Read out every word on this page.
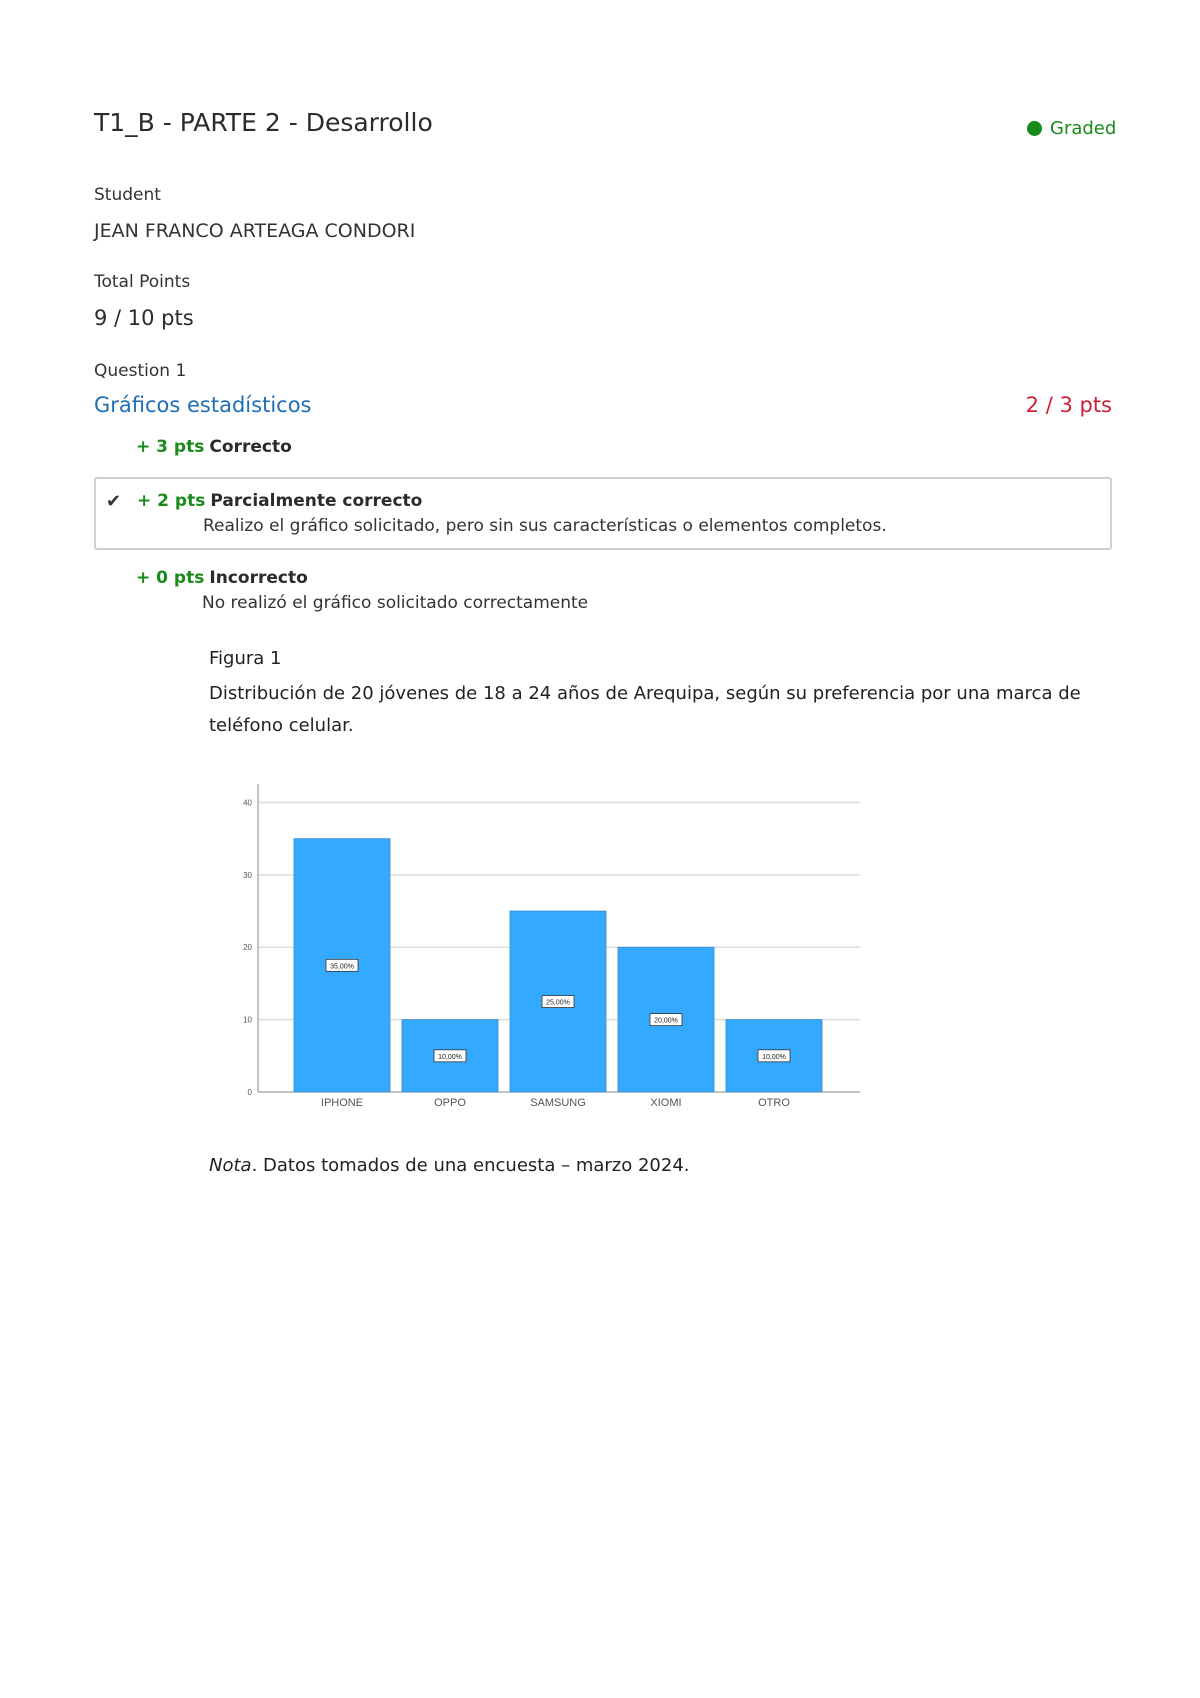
T1_B - PARTE 2 - Desarrollo	Graded
Student
JEAN FRANCO ARTEAGA CONDORI
Total Points
9 / 10 pts
Question 1
Gráficos estadísticos	2 / 3 pts
+ 3 pts Correcto
✔ + 2 pts Parcialmente correcto
Realizo el gráfico solicitado, pero sin sus características o elementos completos.
+ 0 pts Incorrecto
No realizó el gráfico solicitado correctamente
Figura 1
Distribución de 20 jóvenes de 18 a 24 años de Arequipa, según su preferencia por una marca de teléfono celular.
0
10
20
30
40
35,00%
IPHONE
10,00%
OPPO
25,00%
SAMSUNG
20,00%
XIOMI
10,00%
OTRO
Nota. Datos tomados de una encuesta – marzo 2024.
